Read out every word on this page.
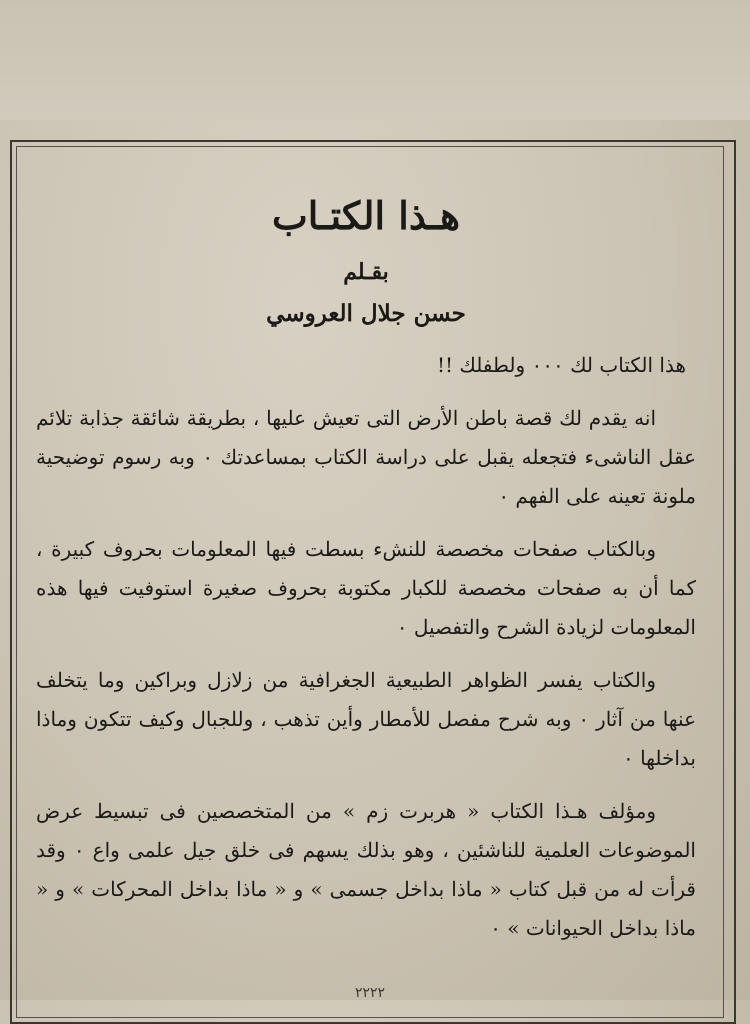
هـذا الكتـاب
بقـلم
حسن جلال العروسي
هذا الكتاب لك ٠٠٠ ولطفلك !!

انه يقدم لك قصة باطن الأرض التى تعيش عليها ، بطريقة شائقة جذابة تلائم عقل الناشىء فتجعله يقبل على دراسة الكتاب بمساعدتك ٠ وبه رسوم توضيحية ملونة تعينه على الفهم ٠

وبالكتاب صفحات مخصصة للنشء بسطت فيها المعلومات بحروف كبيرة ، كما أن به صفحات مخصصة للكبار مكتوبة بحروف صغيرة استوفيت فيها هذه المعلومات لزيادة الشرح والتفصيل ٠

والكتاب يفسر الظواهر الطبيعية الجغرافية من زلازل وبراكين وما يتخلف عنها من آثار ٠ وبه شرح مفصل للأمطار وأين تذهب ، وللجبال وكيف تتكون وماذا بداخلها ٠

ومؤلف هـذا الكتاب « هربرت زم » من المتخصصين فى تبسيط عرض الموضوعات العلمية للناشئين ، وهو بذلك يسهم فى خلق جيل علمى واع ٠ وقد قرأت له من قبل كتاب « ماذا بداخل جسمى » و « ماذا بداخل المحركات » و « ماذا بداخل الحيوانات » ٠

٢٢٢٢
